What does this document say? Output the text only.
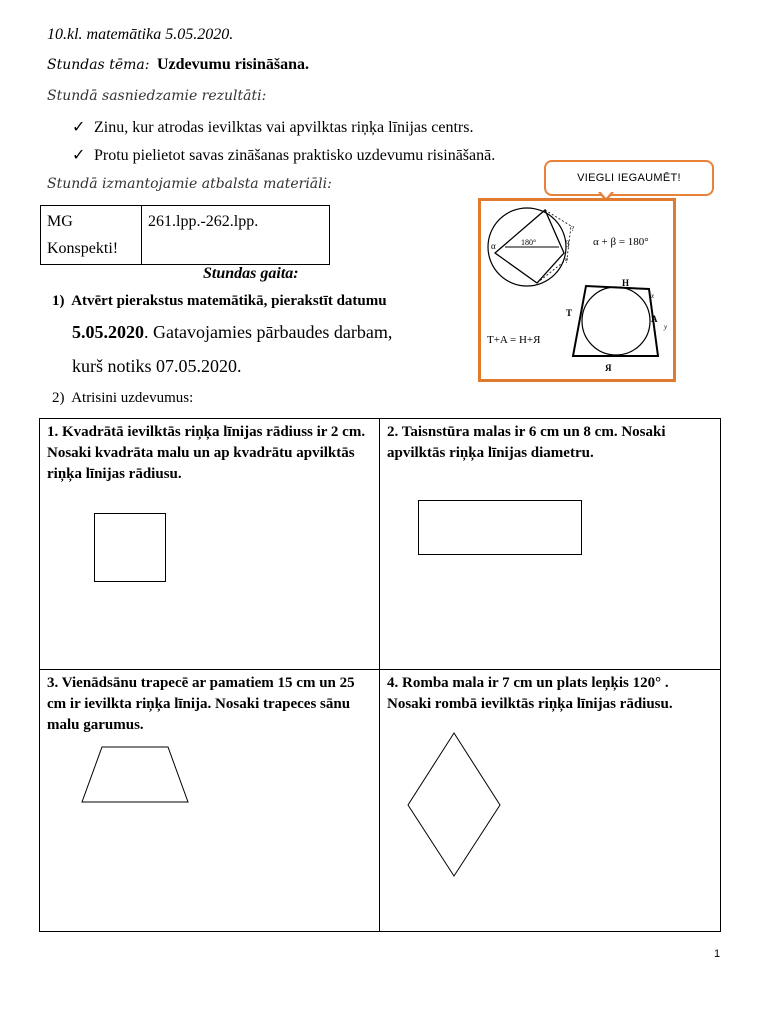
10.kl. matemātika 5.05.2020.
Stundas tēma: Uzdevumu risināšana.
Stundā sasniedzamie rezultāti:
✓ Zinu, kur atrodas ievilktas vai apvilktas riņķa līnijas centrs.
✓ Protu pielietot savas zināšanas praktisko uzdevumu risināšanā.
Stundā izmantojamie atbalsta materiāli:
MG
Konspekti!
	261.lpp.-262.lpp.
VIEGLI IEGAUMĒT!
α	180°	β
?
?
α + β = 180°
H
T
A
Я
x
y
T+A = H+Я
Stundas gaita:
1) Atvērt pierakstus matemātikā, pierakstīt datumu
5.05.2020. Gatavojamies pārbaudes darbam,
kurš notiks 07.05.2020.
2) Atrisini uzdevumus:
1. Kvadrātā ievilktās riņķa līnijas rādiuss ir 2 cm. Nosaki kvadrāta malu un ap kvadrātu apvilktās riņķa līnijas rādiusu.
2. Taisnstūra malas ir 6 cm un 8 cm. Nosaki apvilktās riņķa līnijas diametru.
3. Vienādsānu trapecē ar pamatiem 15 cm un 25 cm ir ievilkta riņķa līnija. Nosaki trapeces sānu malu garumus.
4. Romba mala ir 7 cm un plats leņķis 120° . Nosaki rombā ievilktās riņķa līnijas rādiusu.
1
